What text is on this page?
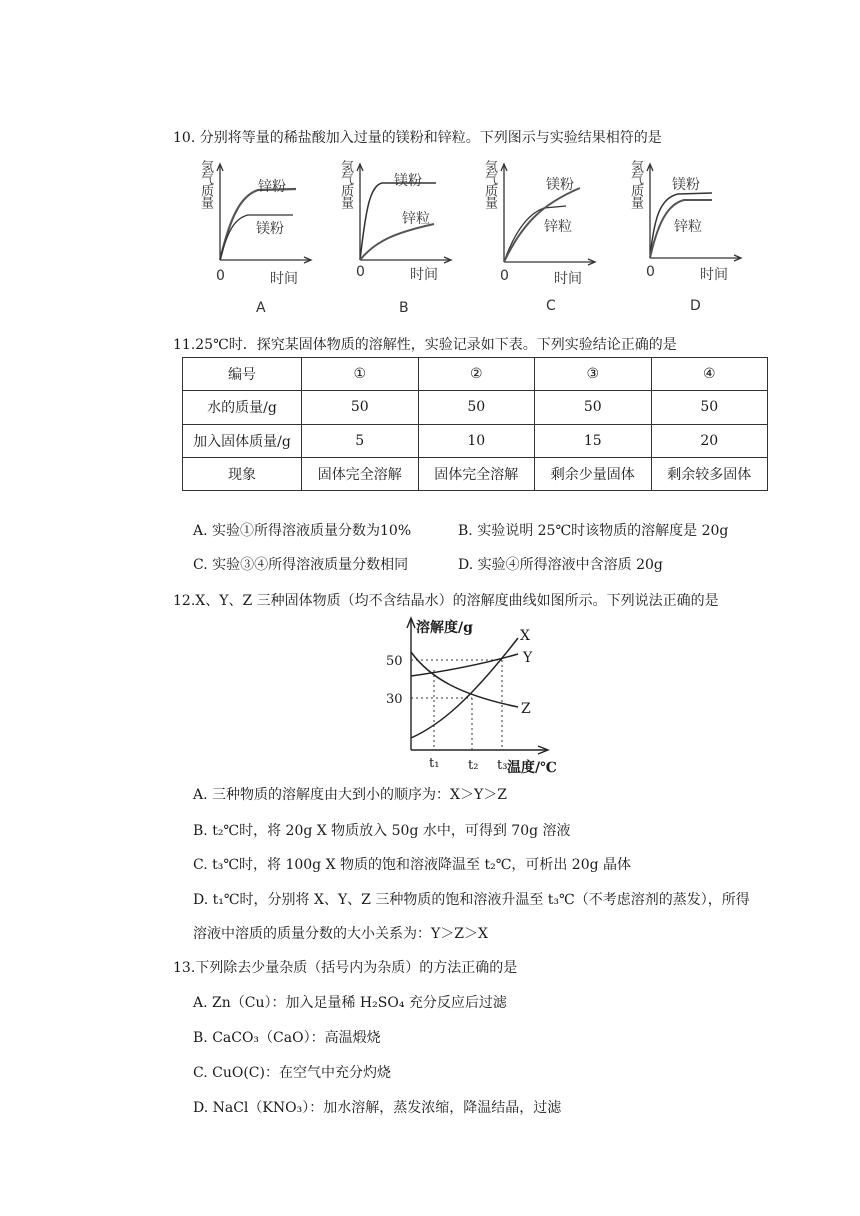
10. 分别将等量的稀盐酸加入过量的镁粉和锌粒。下列图示与实验结果相符的是
氢气质量	锌粉
镁粉
0	时间
A
氢气质量	镁粉
锌粒
0	时间
B
氢气质量	镁粉
锌粒
0	时间
C
氢气质量 镁粉
锌粒
0	时间
D
11.25℃时．探究某固体物质的溶解性，实验记录如下表。下列实验结论正确的是
编号	①	②	③	④
水的质量/g	50	50	50	50
加入固体质量/g	5	10	15	20
现象	固体完全溶解	固体完全溶解	剩余少量固体	剩余较多固体
A. 实验①所得溶液质量分数为10%	B. 实验说明 25℃时该物质的溶解度是 20g
C. 实验③④所得溶液质量分数相同	D. 实验④所得溶液中含溶质 20g
12.X、Y、Z 三种固体物质（均不含结晶水）的溶解度曲线如图所示。下列说法正确的是
溶解度/g
50
30
X
Y
Z
t₁ t₂ t₃ 温度/℃
A. 三种物质的溶解度由大到小的顺序为：X＞Y＞Z
B. t₂℃时，将 20g X 物质放入 50g 水中，可得到 70g 溶液
C. t₃℃时，将 100g X 物质的饱和溶液降温至 t₂℃，可析出 20g 晶体
D. t₁℃时，分别将 X、Y、Z 三种物质的饱和溶液升温至 t₃℃（不考虑溶剂的蒸发），所得
溶液中溶质的质量分数的大小关系为：Y＞Z＞X
13.下列除去少量杂质（括号内为杂质）的方法正确的是
A. Zn（Cu）：加入足量稀 H₂SO₄ 充分反应后过滤
B. CaCO₃（CaO）：高温煅烧
C. CuO(C)：在空气中充分灼烧
D. NaCl（KNO₃）：加水溶解，蒸发浓缩，降温结晶，过滤
